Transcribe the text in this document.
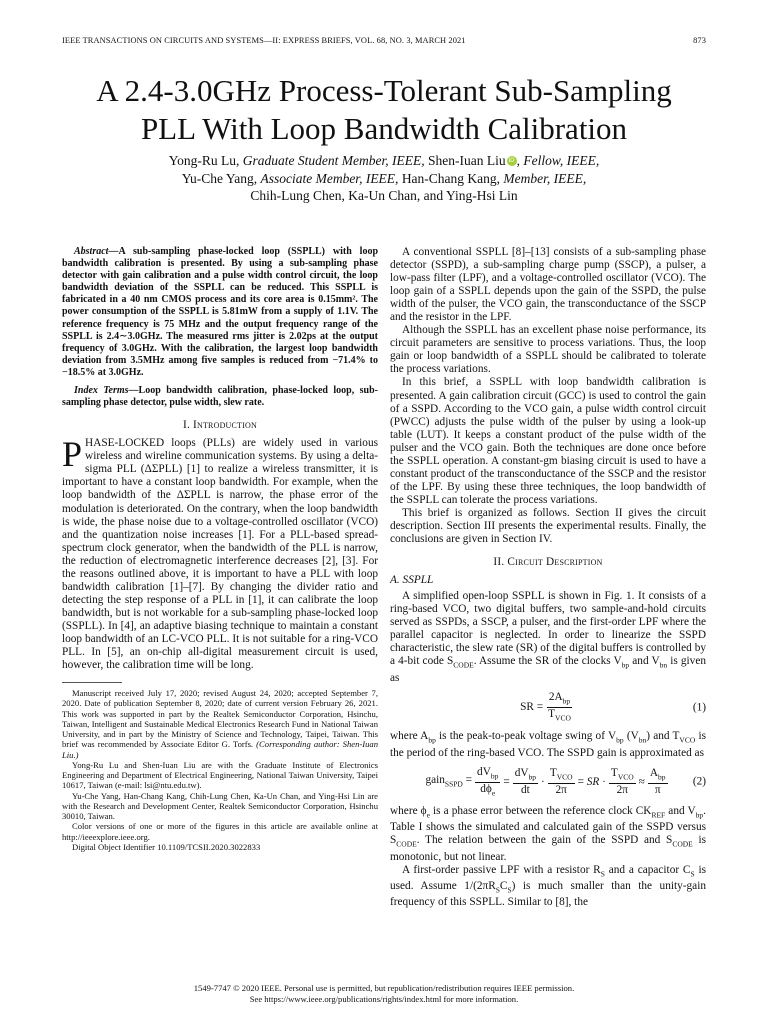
IEEE TRANSACTIONS ON CIRCUITS AND SYSTEMS—II: EXPRESS BRIEFS, VOL. 68, NO. 3, MARCH 2021	873
A 2.4-3.0GHz Process-Tolerant Sub-Sampling
PLL With Loop Bandwidth Calibration
Yong-Ru Lu, Graduate Student Member, IEEE, Shen-Iuan Liu iD , Fellow, IEEE,
Yu-Che Yang, Associate Member, IEEE, Han-Chang Kang, Member, IEEE,
Chih-Lung Chen, Ka-Un Chan, and Ying-Hsi Lin

Abstract—A sub-sampling phase-locked loop (SSPLL) with loop bandwidth calibration is presented. By using a sub-sampling phase detector with gain calibration and a pulse width control circuit, the loop bandwidth deviation of the SSPLL can be reduced. This SSPLL is fabricated in a 40 nm CMOS process and its core area is 0.15mm². The power consumption of the SSPLL is 5.81mW from a supply of 1.1V. The reference frequency is 75 MHz and the output frequency range of the SSPLL is 2.4∼3.0GHz. The measured rms jitter is 2.02ps at the output frequency of 3.0GHz. With the calibration, the largest loop bandwidth deviation from 3.5MHz among five samples is reduced from −71.4% to −18.5% at 3.0GHz.

Index Terms—Loop bandwidth calibration, phase-locked loop, sub-sampling phase detector, pulse width, slew rate.

I. Introduction

PHASE-LOCKED loops (PLLs) are widely used in various wireless and wireline communication systems. By using a delta-sigma PLL (ΔΣPLL) [1] to realize a wireless transmitter, it is important to have a constant loop bandwidth. For example, when the loop bandwidth of the ΔΣPLL is narrow, the phase error of the modulation is deteriorated. On the contrary, when the loop bandwidth is wide, the phase noise due to a voltage-controlled oscillator (VCO) and the quantization noise increases [1]. For a PLL-based spread-spectrum clock generator, when the bandwidth of the PLL is narrow, the reduction of electromagnetic interference decreases [2], [3]. For the reasons outlined above, it is important to have a PLL with loop bandwidth calibration [1]–[7]. By changing the divider ratio and detecting the step response of a PLL in [1], it can calibrate the loop bandwidth, but is not workable for a sub-sampling phase-locked loop (SSPLL). In [4], an adaptive biasing technique to maintain a constant loop bandwidth of an LC-VCO PLL. It is not suitable for a ring-VCO PLL. In [5], an on-chip all-digital measurement circuit is used, however, the calibration time will be long.

Manuscript received July 17, 2020; revised August 24, 2020; accepted September 7, 2020. Date of publication September 8, 2020; date of current version February 26, 2021. This work was supported in part by the Realtek Semiconductor Corporation, Hsinchu, Taiwan, Intelligent and Sustainable Medical Electronics Research Fund in National Taiwan University, and in part by the Ministry of Science and Technology, Taipei, Taiwan. This brief was recommended by Associate Editor G. Torfs. (Corresponding author: Shen-Iuan Liu.)

Yong-Ru Lu and Shen-Iuan Liu are with the Graduate Institute of Electronics Engineering and Department of Electrical Engineering, National Taiwan University, Taipei 10617, Taiwan (e-mail: lsi@ntu.edu.tw).

Yu-Che Yang, Han-Chang Kang, Chih-Lung Chen, Ka-Un Chan, and Ying-Hsi Lin are with the Research and Development Center, Realtek Semiconductor Corporation, Hsinchu 30010, Taiwan.

Color versions of one or more of the figures in this article are available online at http://ieeexplore.ieee.org.

Digital Object Identifier 10.1109/TCSII.2020.3022833

A conventional SSPLL [8]–[13] consists of a sub-sampling phase detector (SSPD), a sub-sampling charge pump (SSCP), a pulser, a low-pass filter (LPF), and a voltage-controlled oscillator (VCO). The loop gain of a SSPLL depends upon the gain of the SSPD, the pulse width of the pulser, the VCO gain, the transconductance of the SSCP and the resistor in the LPF.

Although the SSPLL has an excellent phase noise performance, its circuit parameters are sensitive to process variations. Thus, the loop gain or loop bandwidth of a SSPLL should be calibrated to tolerate the process variations.

In this brief, a SSPLL with loop bandwidth calibration is presented. A gain calibration circuit (GCC) is used to control the gain of a SSPD. According to the VCO gain, a pulse width control circuit (PWCC) adjusts the pulse width of the pulser by using a look-up table (LUT). It keeps a constant product of the pulse width of the pulser and the VCO gain. Both the techniques are done once before the SSPLL operation. A constant-gm biasing circuit is used to have a constant product of the transconductance of the SSCP and the resistor of the LPF. By using these three techniques, the loop bandwidth of the SSPLL can tolerate the process variations.

This brief is organized as follows. Section II gives the circuit description. Section III presents the experimental results. Finally, the conclusions are given in Section IV.

II. Circuit Description
A. SSPLL

A simplified open-loop SSPLL is shown in Fig. 1. It consists of a ring-based VCO, two digital buffers, two sample-and-hold circuits served as SSPDs, a SSCP, a pulser, and the first-order LPF where the parallel capacitor is neglected. In order to linearize the SSPD characteristic, the slew rate (SR) of the digital buffers is controlled by a 4-bit code $S_{CODE}$. Assume the SR of the clocks $V_{bp}$ and $V_{bn}$ is given as

SR = $\frac{2A_{bp}}{T_{VCO}}$	(1)

where $A_{bp}$ is the peak-to-peak voltage swing of $V_{bp}$ $(V_{bn})$ and $T_{VCO}$ is the period of the ring-based VCO. The SSPD gain is approximated as

gain$_{SSPD}$ = $\frac{dV_{bp}}{d\phi_e} = \frac{dV_{bp}}{dt} \cdot \frac{T_{VCO}}{2\pi}$ = SR · $\frac{T_{VCO}}{2\pi} \approx \frac{A_{bp}}{\pi} (2)$

where $\phi_e$ is a phase error between the reference clock $CK_{REF}$ and $V_{bp}$. Table I shows the simulated and calculated gain of the SSPD versus $S_{CODE}$. The relation between the gain of the SSPD and $S_{CODE}$ is monotonic, but not linear.

A first-order passive LPF with a resistor $R_S$ and a capacitor $C_S$ is used. Assume $1/(2\pi R_SC_S)$ is much smaller than the unity-gain frequency of this SSPLL. Similar to [8], the

1549-7747 © 2020 IEEE. Personal use is permitted, but republication/redistribution requires IEEE permission.
See https://www.ieee.org/publications/rights/index.html for more information.
